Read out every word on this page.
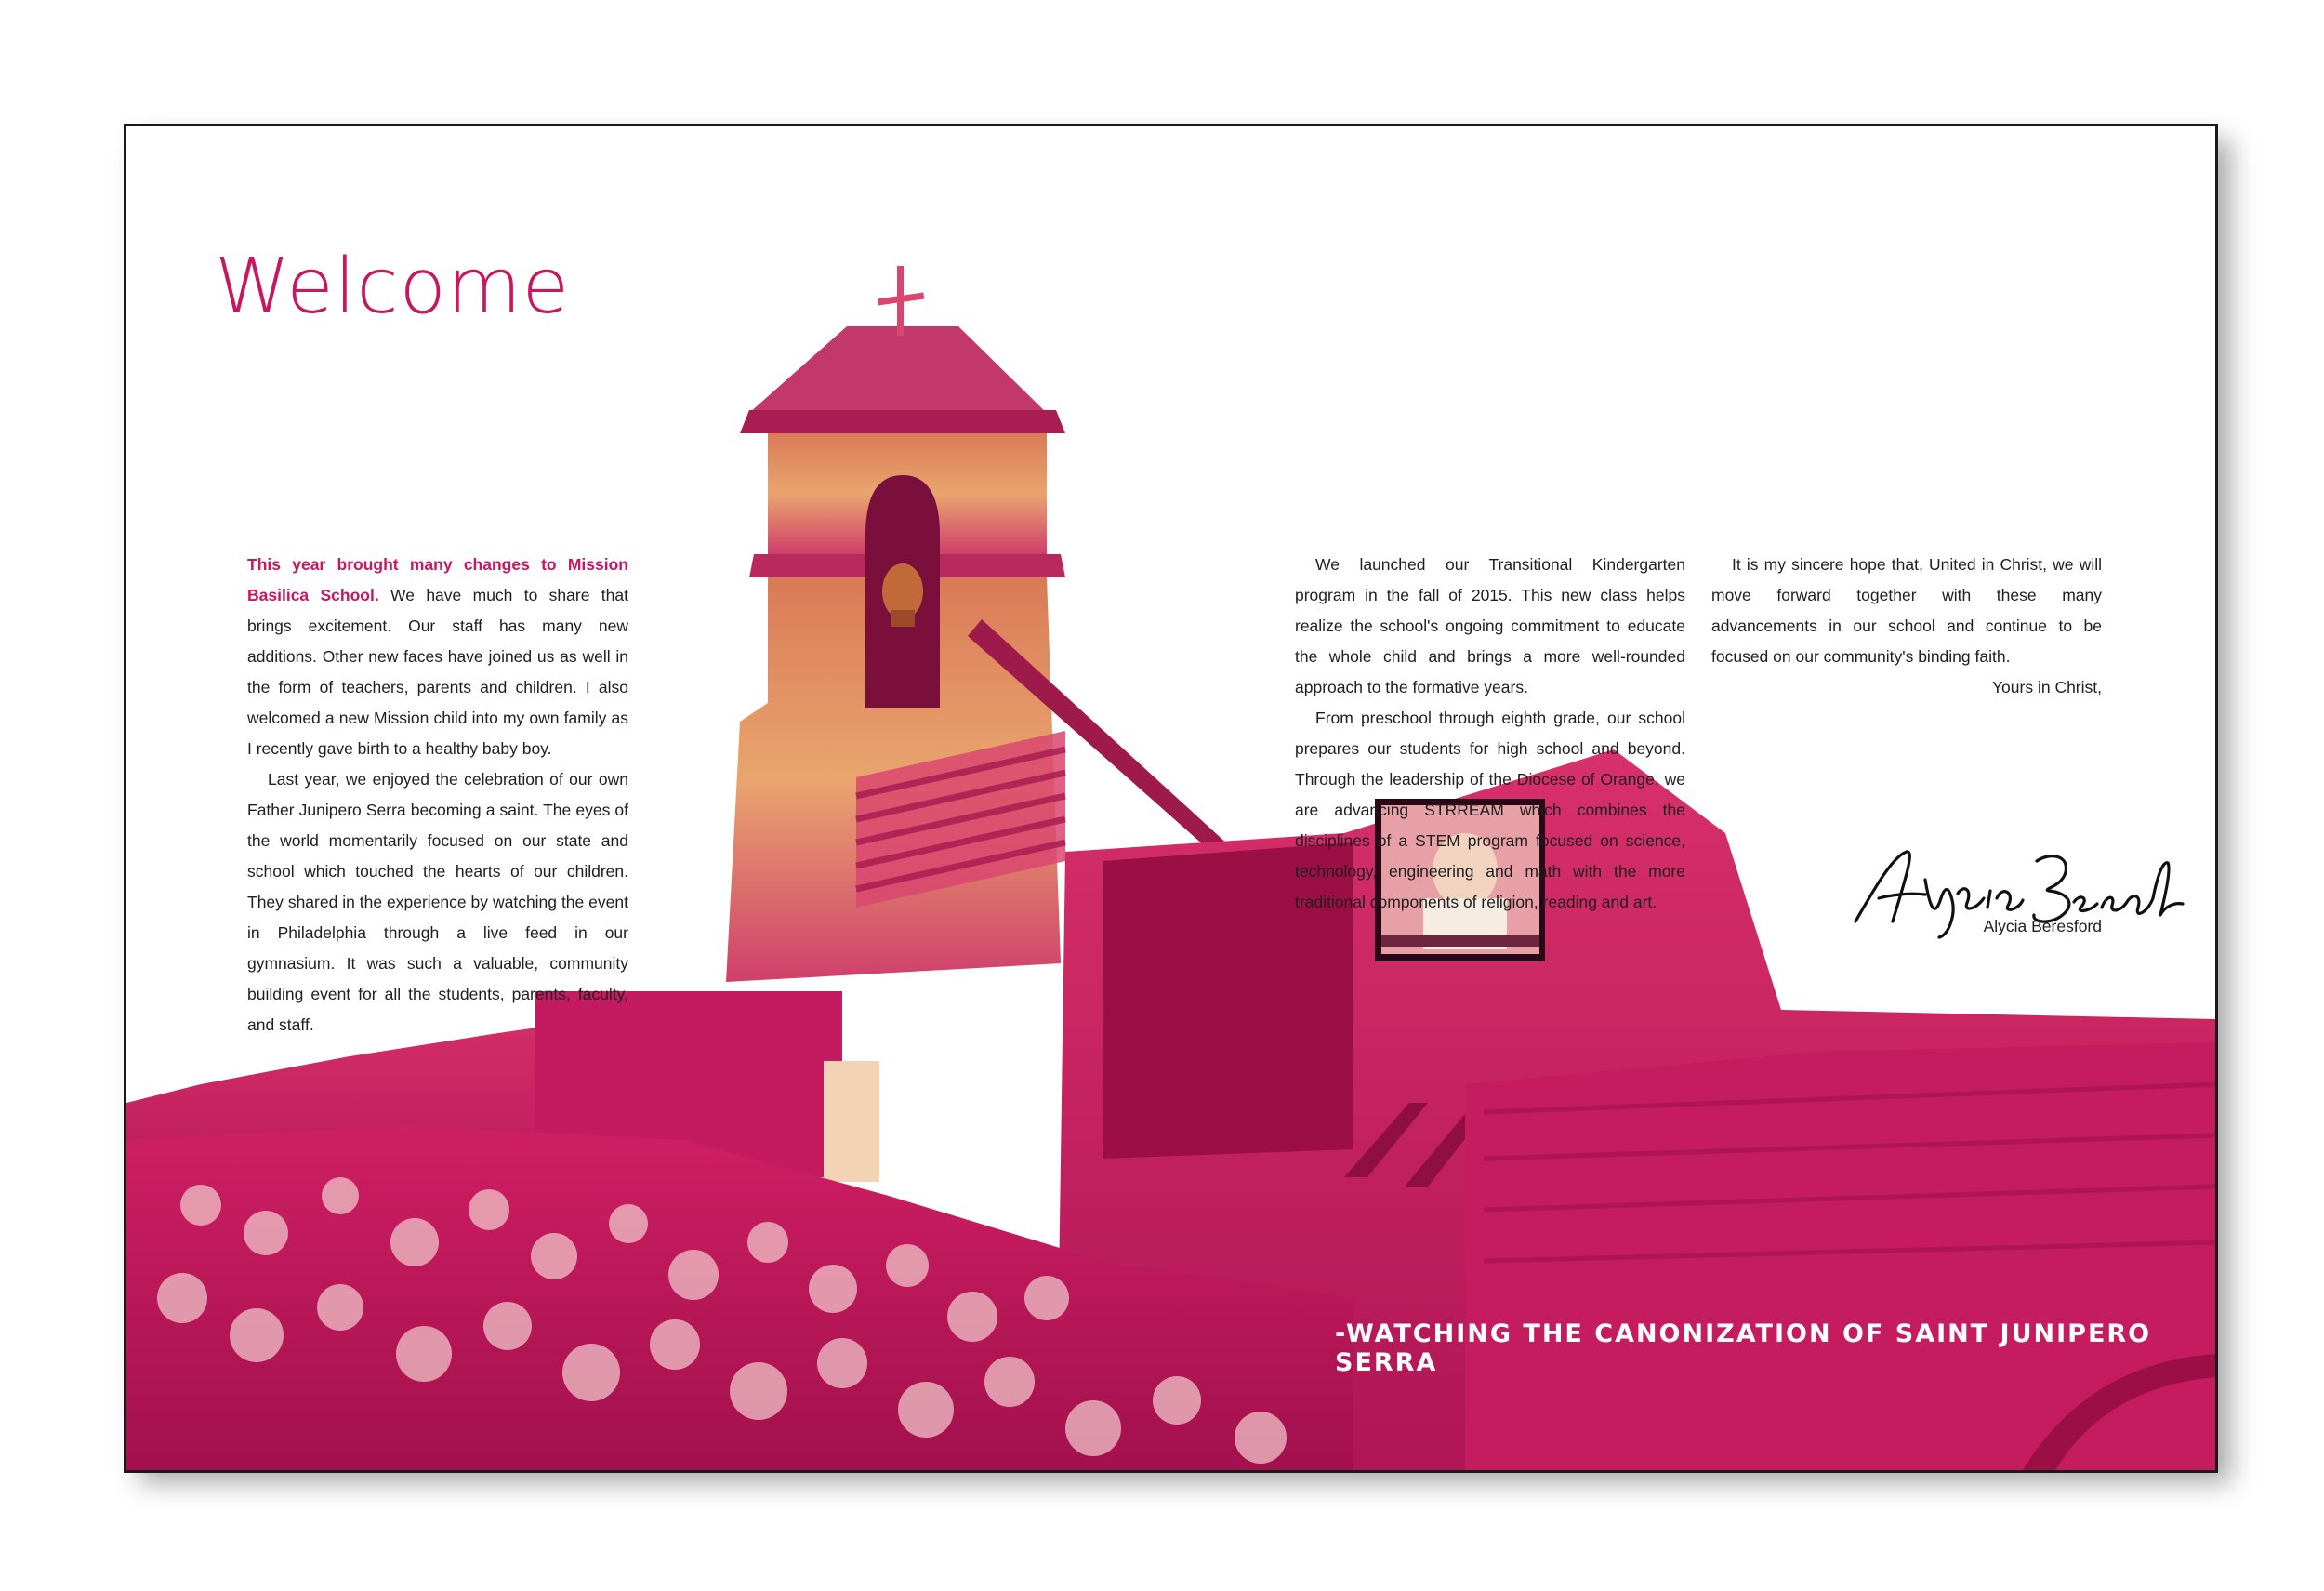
Welcome

This year brought many changes to Mission Basilica School. We have much to share that brings excitement. Our staff has many new additions. Other new faces have joined us as well in the form of teachers, parents and children. I also welcomed a new Mission child into my own family as I recently gave birth to a healthy baby boy.

Last year, we enjoyed the celebration of our own Father Junipero Serra becoming a saint. The eyes of the world momentarily focused on our state and school which touched the hearts of our children. They shared in the experience by watching the event in Philadelphia through a live feed in our gymnasium. It was such a valuable, community building event for all the students, parents, faculty, and staff.

We launched our Transitional Kindergarten program in the fall of 2015. This new class helps realize the school's ongoing commitment to educate the whole child and brings a more well-rounded approach to the formative years.

From preschool through eighth grade, our school prepares our students for high school and beyond. Through the leadership of the Diocese of Orange, we are advancing STRREAM which combines the disciplines of a STEM program focused on science, technology, engineering and math with the more traditional components of religion, reading and art.

It is my sincere hope that, United in Christ, we will move forward together with these many advancements in our school and continue to be focused on our community's binding faith.

Yours in Christ,

Alycia Beresford

-WATCHING THE CANONIZATION OF SAINT JUNIPERO SERRA
